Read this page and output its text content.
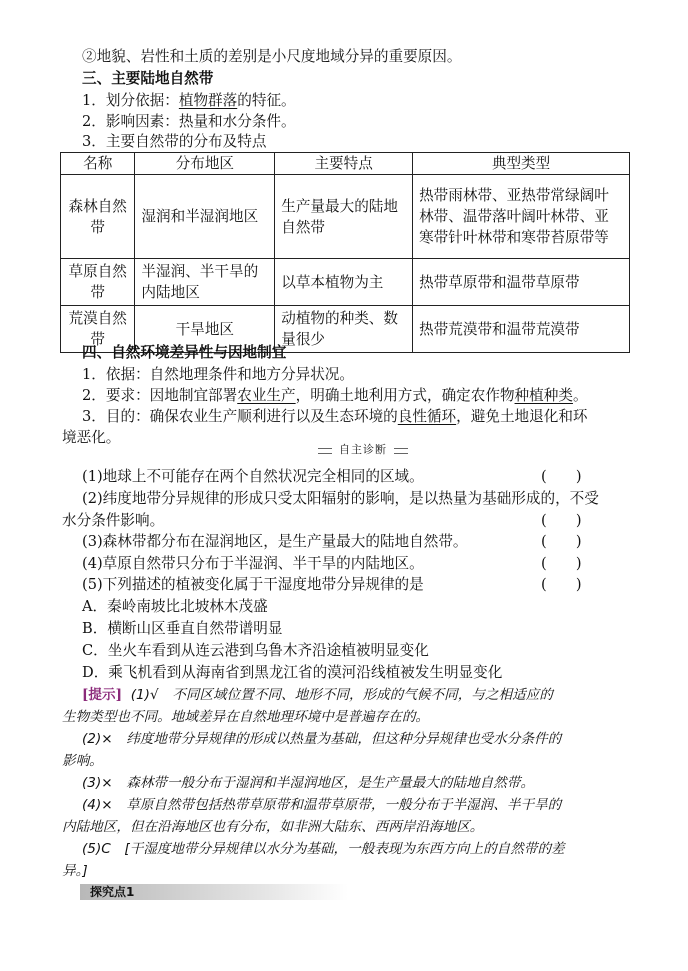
②地貌、岩性和土质的差别是小尺度地域分异的重要原因。
三、主要陆地自然带
1．划分依据：植物群落的特征。
2．影响因素：热量和水分条件。
3．主要自然带的分布及特点
名称	分布地区	主要特点	典型类型
森林自然带	湿润和半湿润地区	生产量最大的陆地自然带	热带雨林带、亚热带常绿阔叶林带、温带落叶阔叶林带、亚寒带针叶林带和寒带苔原带等
草原自然带	半湿润、半干旱的内陆地区	以草本植物为主	热带草原带和温带草原带
荒漠自然带	干旱地区	动植物的种类、数量很少	热带荒漠带和温带荒漠带
四、自然环境差异性与因地制宜
1．依据：自然地理条件和地方分异状况。
2．要求：因地制宜部署农业生产，明确土地利用方式，确定农作物种植种类。
3．目的：确保农业生产顺利进行以及生态环境的良性循环，避免土地退化和环
境恶化。
自主诊断
(1)地球上不可能存在两个自然状况完全相同的区域。	(　　)
(2)纬度地带分异规律的形成只受太阳辐射的影响，是以热量为基础形成的，不受
水分条件影响。	(　　)
(3)森林带都分布在湿润地区，是生产量最大的陆地自然带。	(　　)
(4)草原自然带只分布于半湿润、半干旱的内陆地区。	(　　)
(5)下列描述的植被变化属于干湿度地带分异规律的是	(　　)
A．秦岭南坡比北坡林木茂盛
B．横断山区垂直自然带谱明显
C．坐火车看到从连云港到乌鲁木齐沿途植被明显变化
D．乘飞机看到从海南省到黑龙江省的漠河沿线植被发生明显变化
[提示] (1)√　不同区域位置不同、地形不同，形成的气候不同，与之相适应的
生物类型也不同。地域差异在自然地理环境中是普遍存在的。
(2)×　纬度地带分异规律的形成以热量为基础，但这种分异规律也受水分条件的
影响。
(3)×　森林带一般分布于湿润和半湿润地区，是生产量最大的陆地自然带。
(4)×　草原自然带包括热带草原带和温带草原带，一般分布于半湿润、半干旱的
内陆地区，但在沿海地区也有分布，如非洲大陆东、西两岸沿海地区。
(5)C　[干湿度地带分异规律以水分为基础，一般表现为东西方向上的自然带的差
异。]
探究点1
